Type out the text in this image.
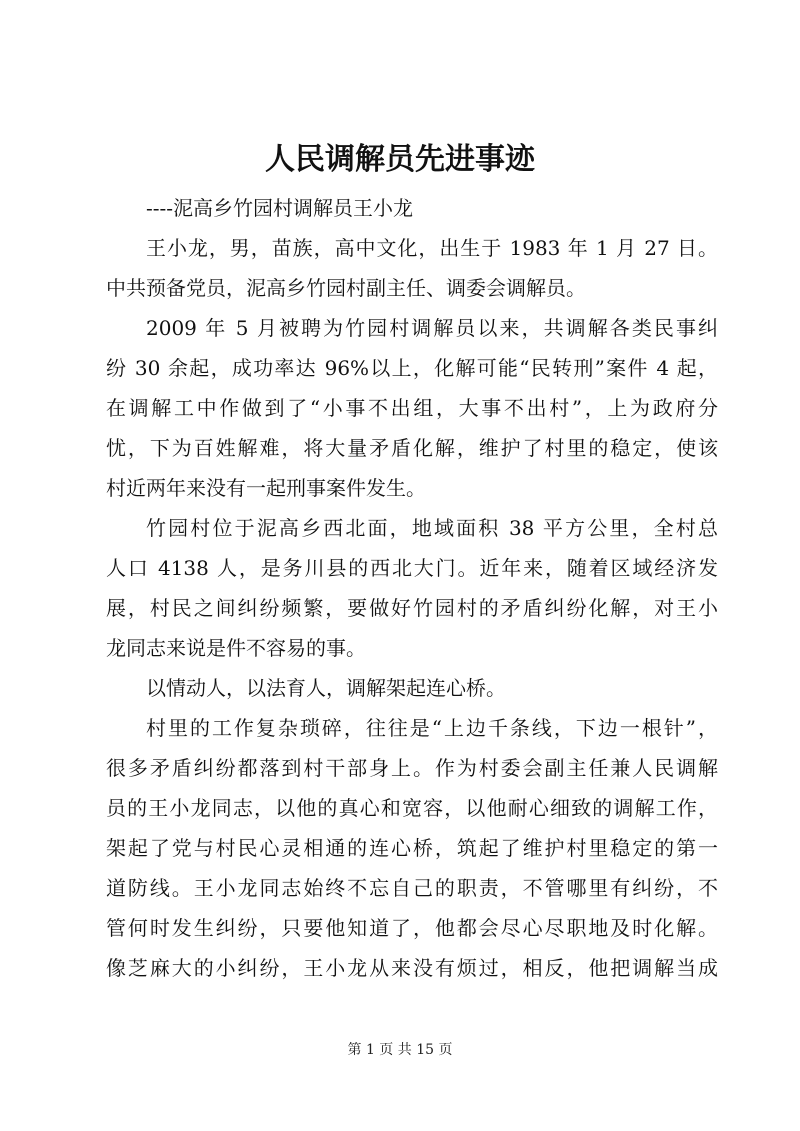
人民调解员先进事迹
----泥高乡竹园村调解员王小龙
王小龙，男，苗族，高中文化，出生于 1983 年 1 月 27 日。
中共预备党员，泥高乡竹园村副主任、调委会调解员。
2009 年 5 月被聘为竹园村调解员以来，共调解各类民事纠
纷 30 余起，成功率达 96%以上，化解可能“民转刑”案件 4 起，
在调解工中作做到了“小事不出组，大事不出村”，上为政府分
忧，下为百姓解难，将大量矛盾化解，维护了村里的稳定，使该
村近两年来没有一起刑事案件发生。
竹园村位于泥高乡西北面，地域面积 38 平方公里，全村总
人口 4138 人，是务川县的西北大门。近年来，随着区域经济发
展，村民之间纠纷频繁，要做好竹园村的矛盾纠纷化解，对王小
龙同志来说是件不容易的事。
以情动人，以法育人，调解架起连心桥。
村里的工作复杂琐碎，往往是“上边千条线，下边一根针”，
很多矛盾纠纷都落到村干部身上。作为村委会副主任兼人民调解
员的王小龙同志，以他的真心和宽容，以他耐心细致的调解工作，
架起了党与村民心灵相通的连心桥，筑起了维护村里稳定的第一
道防线。王小龙同志始终不忘自己的职责，不管哪里有纠纷，不
管何时发生纠纷，只要他知道了，他都会尽心尽职地及时化解。
像芝麻大的小纠纷，王小龙从来没有烦过，相反，他把调解当成
第 1 页 共 15 页
